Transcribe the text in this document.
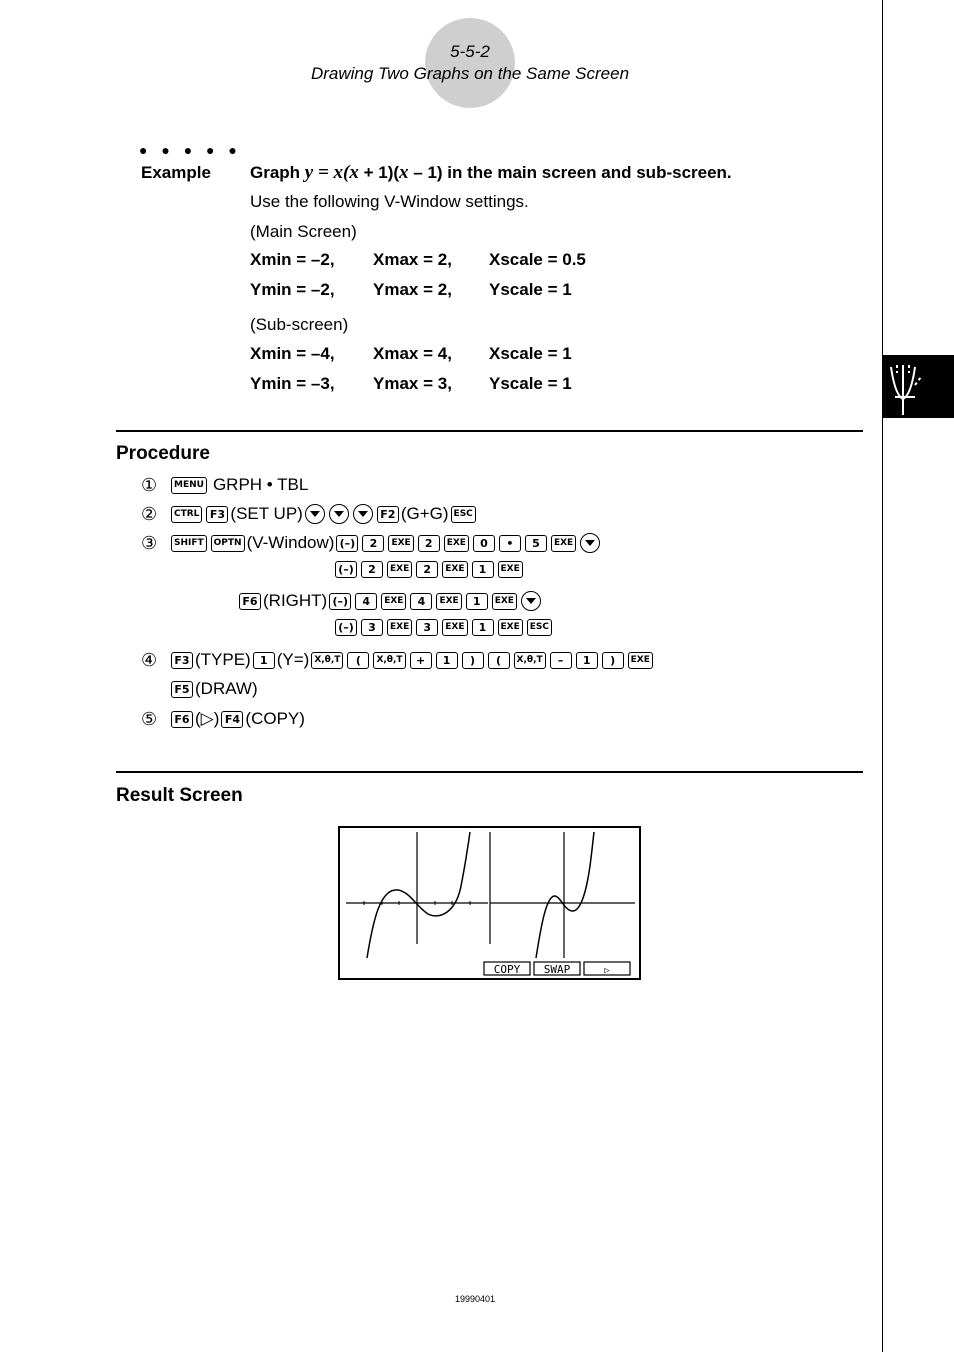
5-5-2
Drawing Two Graphs on the Same Screen
● ● ● ● ●
Example Graph y = x(x + 1)(x – 1) in the main screen and sub-screen.
Use the following V-Window settings.
(Main Screen)
Xmin = –2, Xmax = 2, Xscale = 0.5
Ymin = –2, Ymax = 2, Yscale = 1
(Sub-screen)
Xmin = –4, Xmax = 4, Xscale = 1
Ymin = –3, Ymax = 3, Yscale = 1
Procedure
①	MENU GRPH • TBL
②	CTRL F3 (SET UP)	F2 (G+G) ESC
③	SHIFT	OPTN (V-Window) (–)	2	EXE	2	EXE	0	•	5	EXE
(–)	2	EXE	2	EXE	1	EXE
F6 (RIGHT) (–)	4	EXE	4	EXE	1	EXE
(–)	3	EXE	3	EXE	1	EXE	ESC
④	F3 (TYPE) 1 (Y=) X,θ,T	(	X,θ,T	+	1	)	(	X,θ,T	–	1	)	EXE
F5 (DRAW)
⑤	F6 (▷) F4 (COPY)
Result Screen
COPY SWAP	▷
19990401
